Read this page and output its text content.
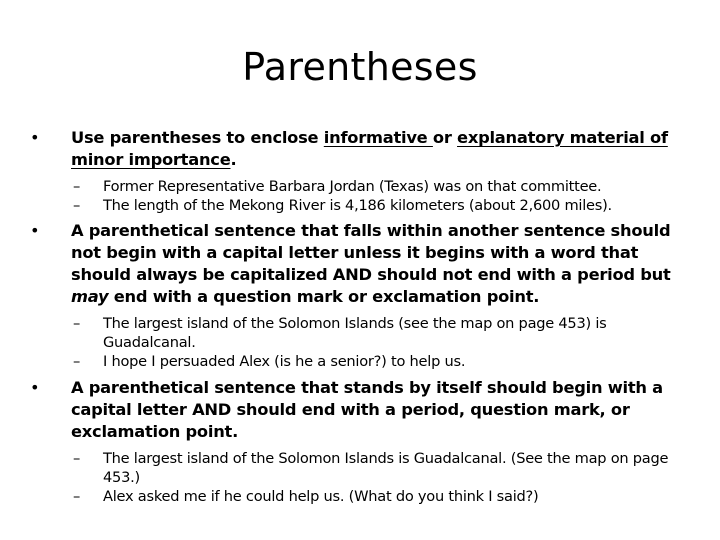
Parentheses
• Use parentheses to enclose informative or explanatory material of minor importance.
– Former Representative Barbara Jordan (Texas) was on that committee.
– The length of the Mekong River is 4,186 kilometers (about 2,600 miles).
• A parenthetical sentence that falls within another sentence should not begin with a capital letter unless it begins with a word that should always be capitalized AND should not end with a period but may end with a question mark or exclamation point.
– The largest island of the Solomon Islands (see the map on page 453) is Guadalcanal.
– I hope I persuaded Alex (is he a senior?) to help us.
• A parenthetical sentence that stands by itself should begin with a capital letter AND should end with a period, question mark, or exclamation point.
– The largest island of the Solomon Islands is Guadalcanal. (See the map on page 453.)
– Alex asked me if he could help us. (What do you think I said?)
